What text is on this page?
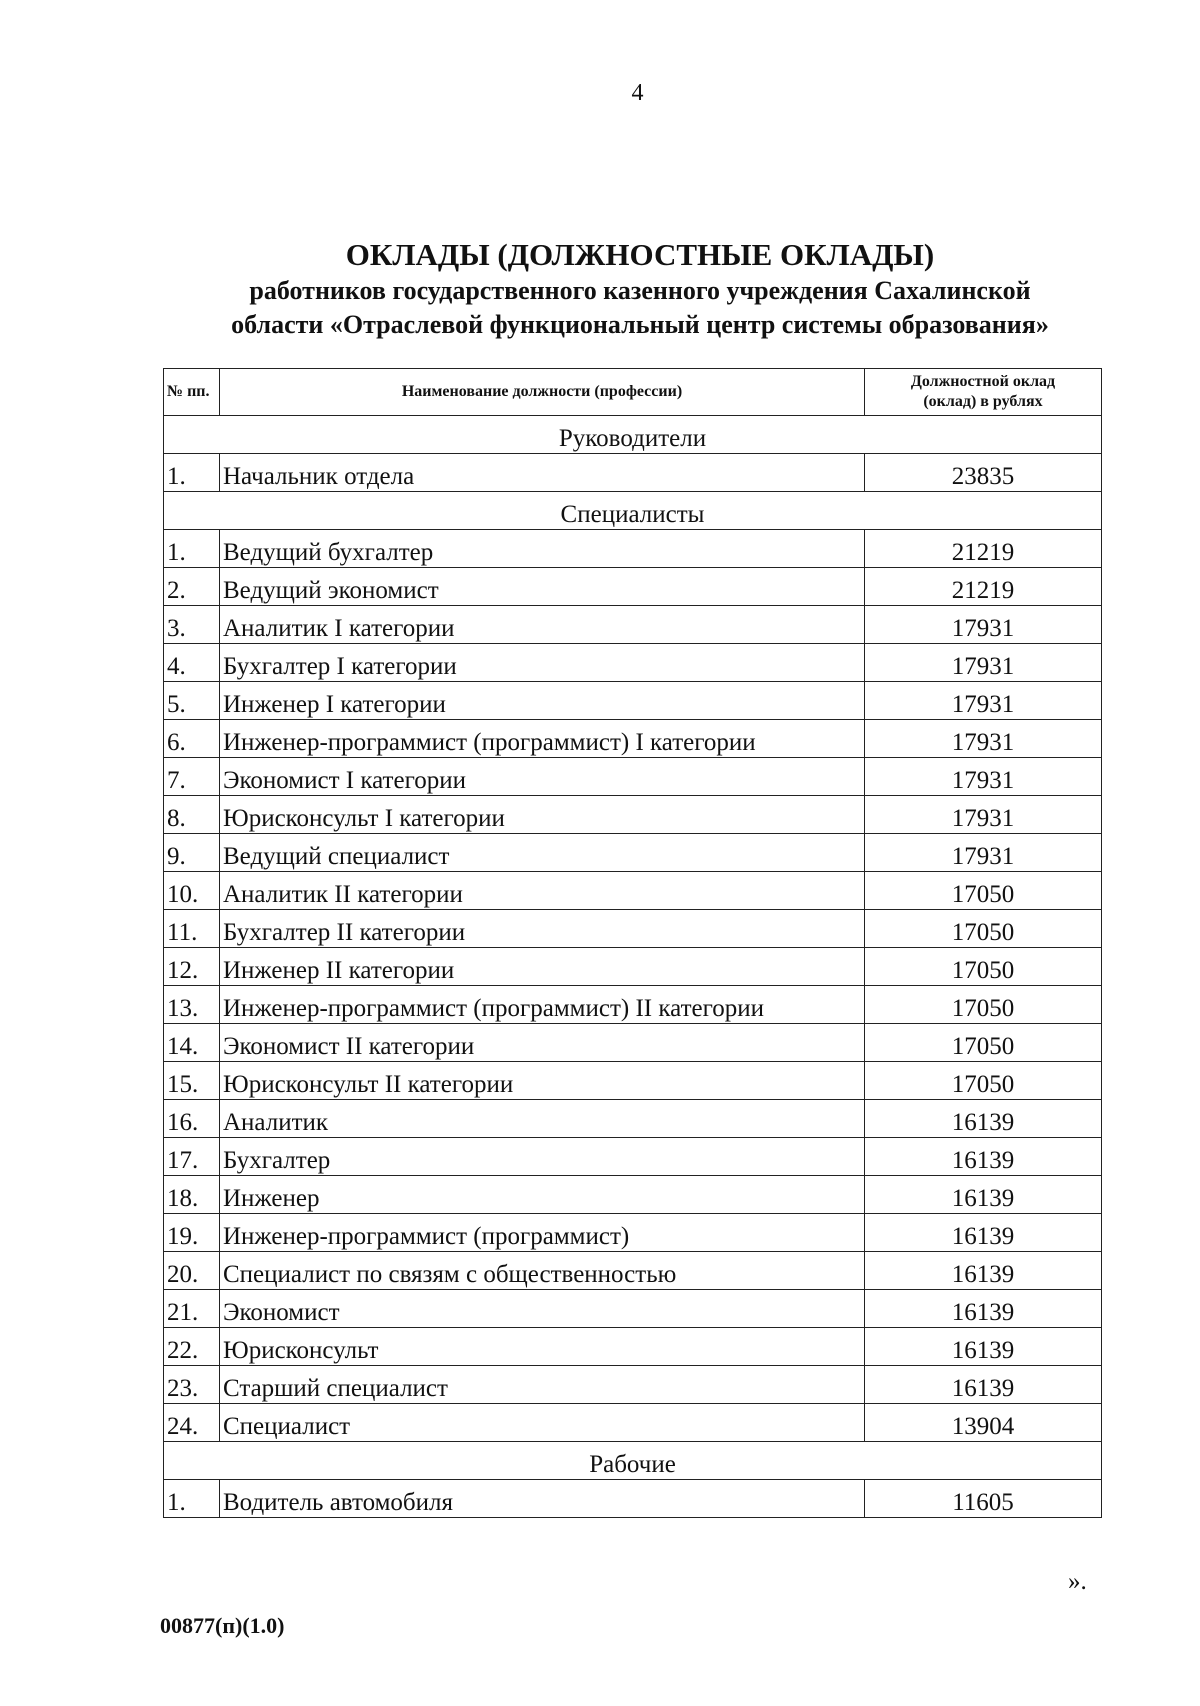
4
ОКЛАДЫ (ДОЛЖНОСТНЫЕ ОКЛАДЫ)
работников государственного казенного учреждения Сахалинской
области «Отраслевой функциональный центр системы образования»
№ пп.	Наименование должности (профессии)	Должностной оклад
(оклад) в рублях

Руководители		
1.	Начальник отдела	23835
Специалисты		
1.	Ведущий бухгалтер	21219
2.	Ведущий экономист	21219
3.	Аналитик I категории	17931
4.	Бухгалтер I категории	17931
5.	Инженер I категории	17931
6.	Инженер-программист (программист) I категории	17931
7.	Экономист I категории	17931
8.	Юрисконсульт I категории	17931
9.	Ведущий специалист	17931
10.	Аналитик II категории	17050
11.	Бухгалтер II категории	17050
12.	Инженер II категории	17050
13.	Инженер-программист (программист) II категории	17050
14.	Экономист II категории	17050
15.	Юрисконсульт II категории	17050
16.	Аналитик	16139
17.	Бухгалтер	16139
18.	Инженер	16139
19.	Инженер-программист (программист)	16139
20.	Специалист по связям с общественностью	16139
21.	Экономист	16139
22.	Юрисконсульт	16139
23.	Старший специалист	16139
24.	Специалист	13904
Рабочие		
1.	Водитель автомобиля	11605
».
00877(п)(1.0)
